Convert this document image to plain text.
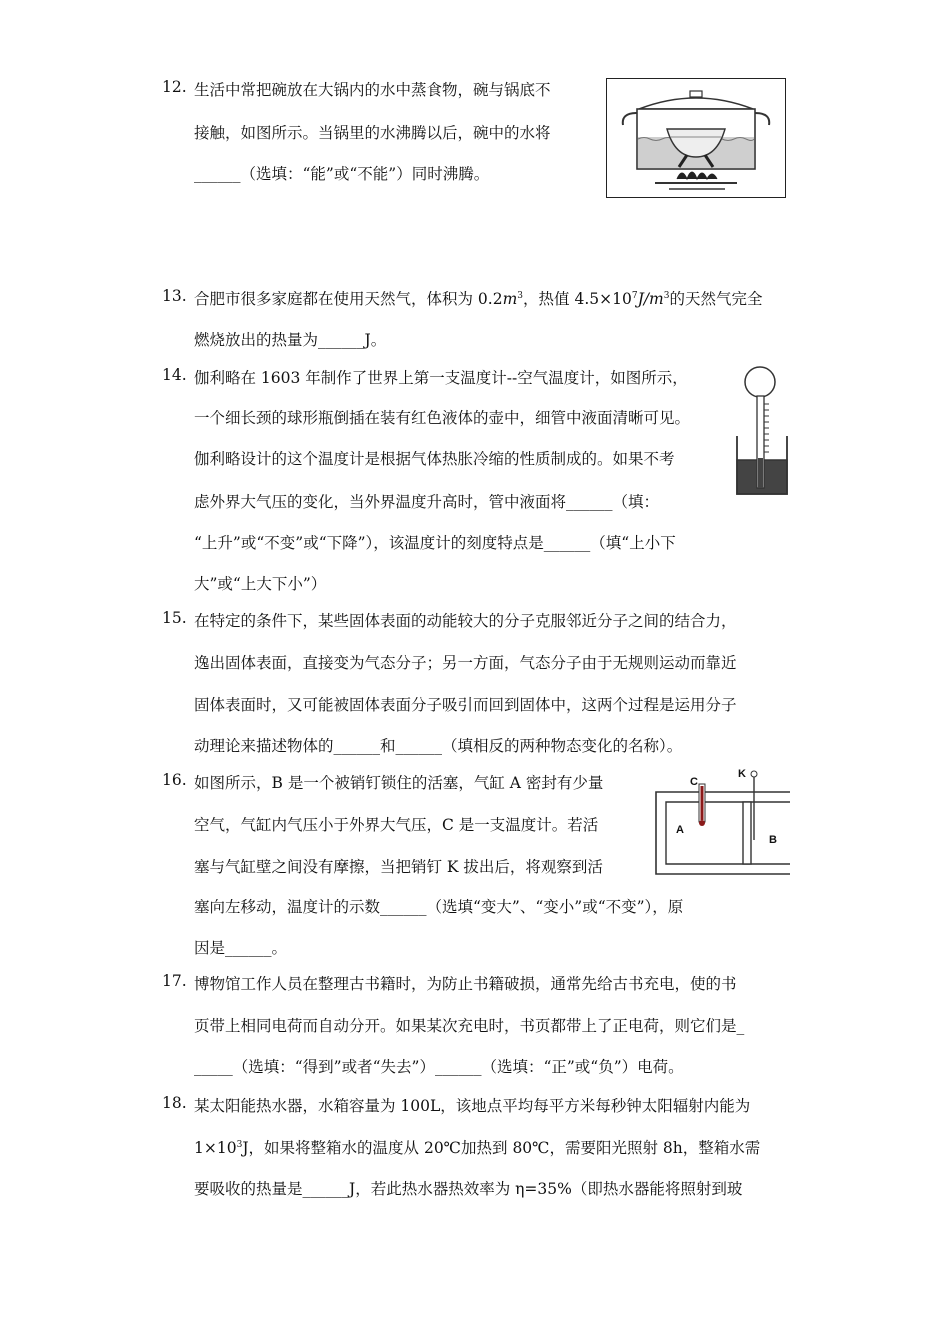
12. 生活中常把碗放在大锅内的水中蒸食物，碗与锅底不
接触，如图所示。当锅里的水沸腾以后，碗中的水将
______（选填：“能”或“不能”）同时沸腾。
13. 合肥市很多家庭都在使用天然气，体积为 $0.2m^3$，热值 $4.5\times 10^7J/m^3$的天然气完全
燃烧放出的热量为______J。
14. 伽利略在 1603 年制作了世界上第一支温度计--空气温度计，如图所示，
一个细长颈的球形瓶倒插在装有红色液体的壶中，细管中液面清晰可见。
伽利略设计的这个温度计是根据气体热胀冷缩的性质制成的。如果不考
虑外界大气压的变化，当外界温度升高时，管中液面将______（填：
“上升”或“不变”或“下降”），该温度计的刻度特点是______（填“上小下
大”或“上大下小”）
15. 在特定的条件下，某些固体表面的动能较大的分子克服邻近分子之间的结合力，
逸出固体表面，直接变为气态分子；另一方面，气态分子由于无规则运动而靠近
固体表面时，又可能被固体表面分子吸引而回到固体中，这两个过程是运用分子
动理论来描述物体的______和______（填相反的两种物态变化的名称）。
16. 如图所示，B 是一个被销钉锁住的活塞，气缸 A 密封有少量
空气，气缸内气压小于外界大气压，C 是一支温度计。若活
塞与气缸壁之间没有摩擦，当把销钉 K 拔出后，将观察到活
塞向左移动，温度计的示数______（选填“变大”、“变小”或“不变”），原
因是______。
C
K
A
B
17. 博物馆工作人员在整理古书籍时，为防止书籍破损，通常先给古书充电，使的书
页带上相同电荷而自动分开。如果某次充电时，书页都带上了正电荷，则它们是_
_____（选填：“得到”或者“失去”）______（选填：“正”或“负”）电荷。
18. 某太阳能热水器，水箱容量为 100L，该地点平均每平方米每秒钟太阳辐射内能为
$1\times 10^3J$，如果将整箱水的温度从 20℃加热到 80℃，需要阳光照射 8h，整箱水需
要吸收的热量是______J，若此热水器热效率为 η=35%（即热水器能将照射到玻
